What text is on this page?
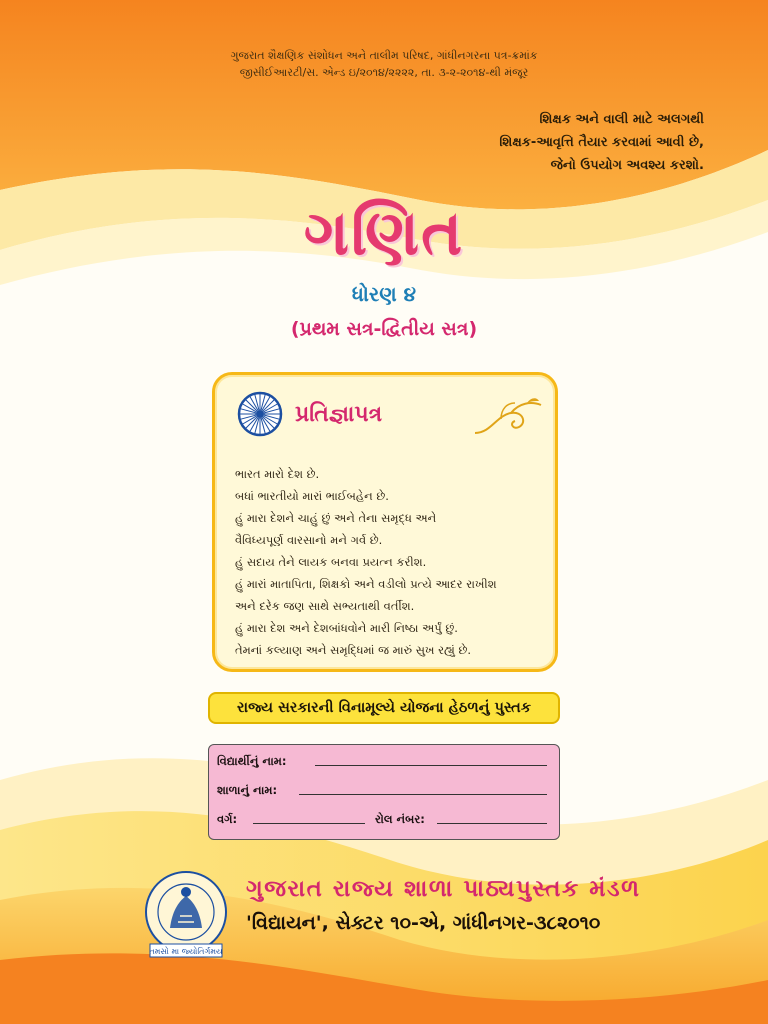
ગુજરાત શૈક્ષણિક સંશોધન અને તાલીમ પરિષદ, ગાંધીનગરના પત્ર-ક્રમાંક
જીસીઈઆરટી/સ. એન્ડ ઇ/૨૦૧૪/૨૨૨૨, તા. ૩-૨-૨૦૧૪-થી મંજૂર
શિક્ષક અને વાલી માટે અલગથી
શિક્ષક-આવૃત્તિ તૈયાર કરવામાં આવી છે,
જેનો ઉપયોગ અવશ્ય કરશો.
ગણિત
ધોરણ ૪
(પ્રથમ સત્ર-દ્વિતીય સત્ર)
પ્રતિજ્ઞાપત્ર
ભારત મારો દેશ છે.
બધાં ભારતીયો મારાં ભાઈબહેન છે.
હું મારા દેશને ચાહું છું અને તેના સમૃદ્ધ અને
વૈવિધ્યપૂર્ણ વારસાનો મને ગર્વ છે.
હું સદાય તેને લાયક બનવા પ્રયત્ન કરીશ.
હું મારાં માતાપિતા, શિક્ષકો અને વડીલો પ્રત્યે આદર રાખીશ
અને દરેક જણ સાથે સભ્યતાથી વર્તીશ.
હું મારા દેશ અને દેશબાંધવોને મારી નિષ્ઠા અર્પું છું.
તેમનાં કલ્યાણ અને સમૃદ્ધિમાં જ મારું સુખ રહ્યું છે.
રાજ્ય સરકારની વિનામૂલ્યે યોજના હેઠળનું પુસ્તક
વિદ્યાર્થીનું નામ:
શાળાનું નામ:
વર્ગ:	રોલ નંબર:
તમસો મા જ્યોતિર્ગમય
ગુજરાત રાજ્ય શાળા પાઠ્યપુસ્તક મંડળ
'વિદ્યાયન', સેક્ટર ૧૦-એ, ગાંધીનગર-૩૮૨૦૧૦
